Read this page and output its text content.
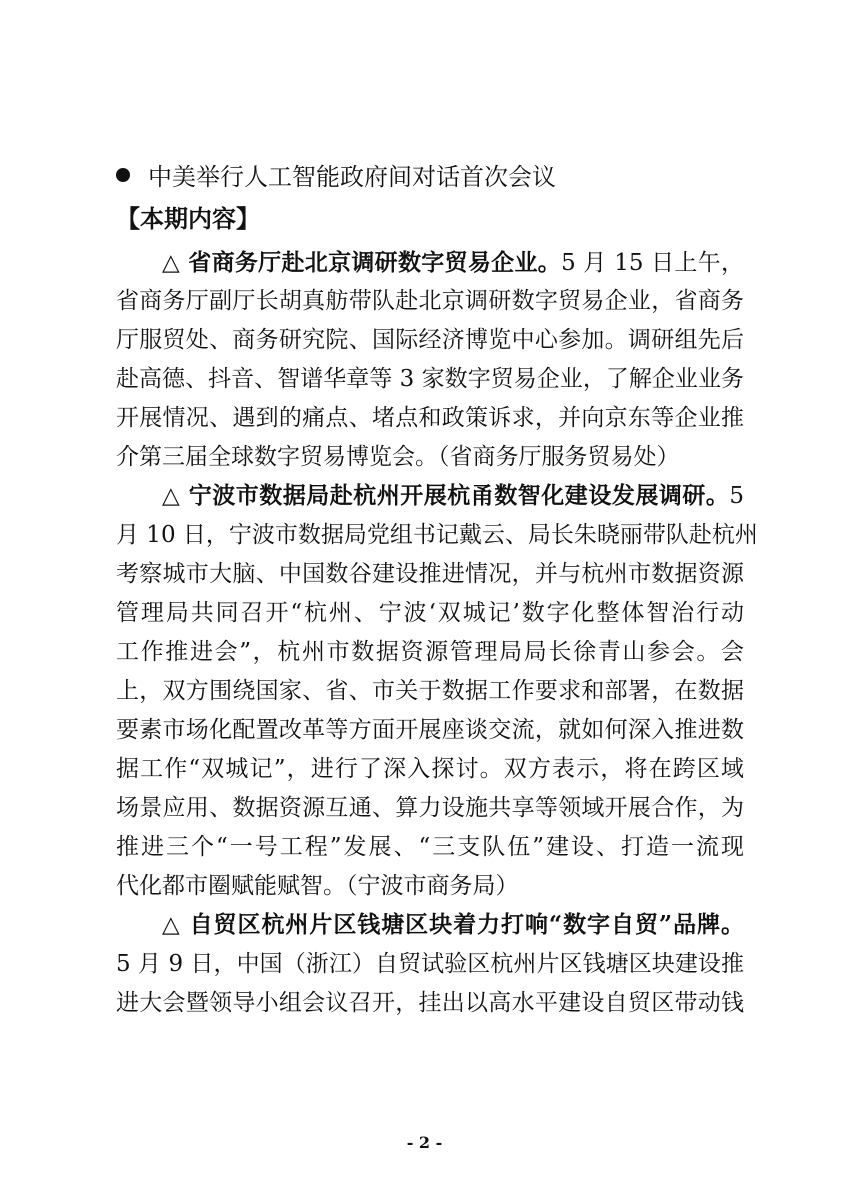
中美举行人工智能政府间对话首次会议
【本期内容】
△ 省商务厅赴北京调研数字贸易企业。5 月 15 日上午，
省商务厅副厅长胡真舫带队赴北京调研数字贸易企业，省商务
厅服贸处、商务研究院、国际经济博览中心参加。调研组先后
赴高德、抖音、智谱华章等 3 家数字贸易企业，了解企业业务
开展情况、遇到的痛点、堵点和政策诉求，并向京东等企业推
介第三届全球数字贸易博览会。（省商务厅服务贸易处）
△ 宁波市数据局赴杭州开展杭甬数智化建设发展调研。5
月 10 日，宁波市数据局党组书记戴云、局长朱晓丽带队赴杭州
考察城市大脑、中国数谷建设推进情况，并与杭州市数据资源
管理局共同召开“杭州、宁波‘双城记’数字化整体智治行动
工作推进会”，杭州市数据资源管理局局长徐青山参会。会
上，双方围绕国家、省、市关于数据工作要求和部署，在数据
要素市场化配置改革等方面开展座谈交流，就如何深入推进数
据工作“双城记”，进行了深入探讨。双方表示，将在跨区域
场景应用、数据资源互通、算力设施共享等领域开展合作，为
推进三个“一号工程”发展、“三支队伍”建设、打造一流现
代化都市圈赋能赋智。（宁波市商务局）
△ 自贸区杭州片区钱塘区块着力打响“数字自贸”品牌。
5 月 9 日，中国（浙江）自贸试验区杭州片区钱塘区块建设推
进大会暨领导小组会议召开，挂出以高水平建设自贸区带动钱
- 2 -
